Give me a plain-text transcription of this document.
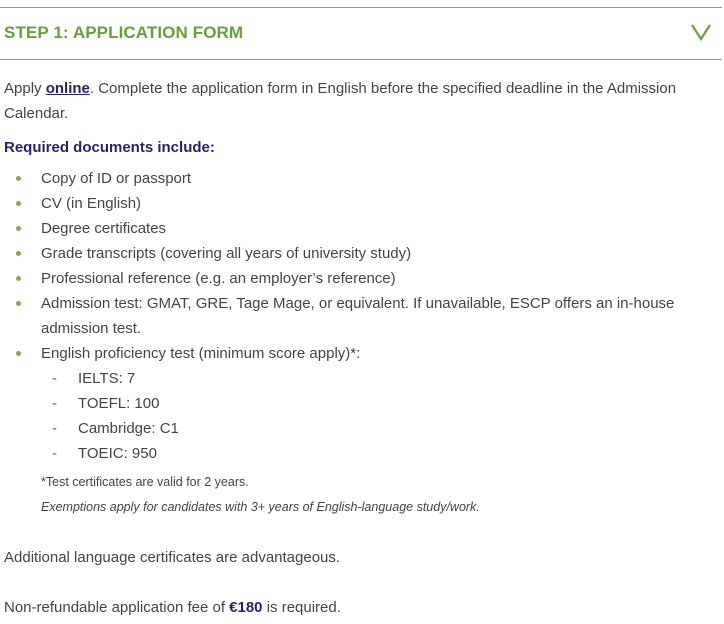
STEP 1: APPLICATION FORM

Apply online. Complete the application form in English before the specified deadline in the Admission Calendar.

Required documents include:

Copy of ID or passport
CV (in English)
Degree certificates
Grade transcripts (covering all years of university study)
Professional reference (e.g. an employer’s reference)
Admission test: GMAT, GRE, Tage Mage, or equivalent. If unavailable, ESCP offers an in-house admission test.
English proficiency test (minimum score apply)*:
- IELTS: 7
- TOEFL: 100
- Cambridge: C1
- TOEIC: 950

*Test certificates are valid for 2 years.

Exemptions apply for candidates with 3+ years of English-language study/work.

Additional language certificates are advantageous.

Non-refundable application fee of €180 is required.
